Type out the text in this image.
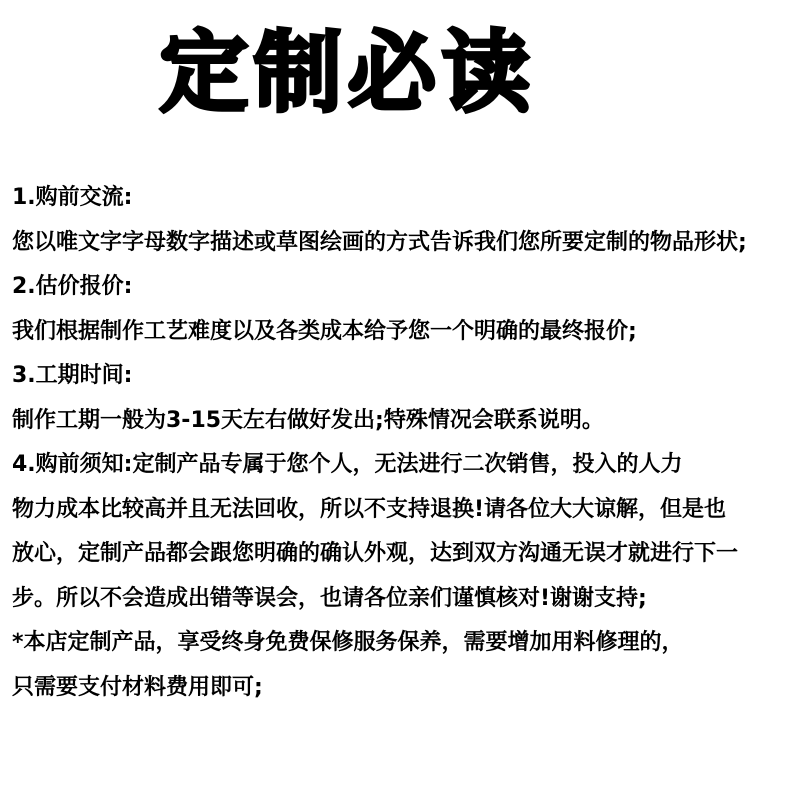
定制必读
1.购前交流:
您以唯文字字母数字描述或草图绘画的方式告诉我们您所要定制的物品形状;
2.估价报价:
我们根据制作工艺难度以及各类成本给予您一个明确的最终报价;
3.工期时间:
制作工期一般为3-15天左右做好发出;特殊情况会联系说明。
4.购前须知:定制产品专属于您个人，无法进行二次销售，投入的人力
物力成本比较高并且无法回收，所以不支持退换!请各位大大谅解，但是也
放心，定制产品都会跟您明确的确认外观，达到双方沟通无误才就进行下一
步。所以不会造成出错等误会，也请各位亲们谨慎核对!谢谢支持;
*本店定制产品，享受终身免费保修服务保养，需要增加用料修理的，
只需要支付材料费用即可;
